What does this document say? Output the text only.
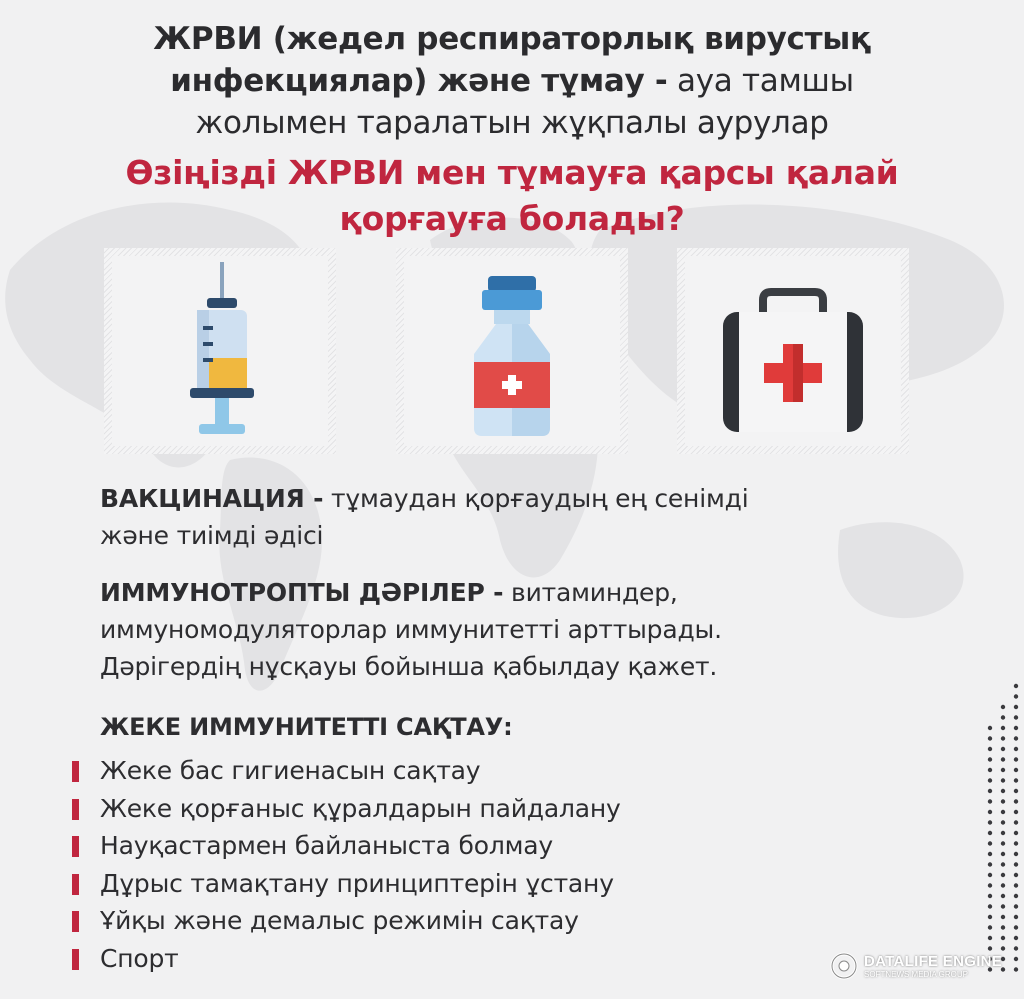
ЖРВИ (жедел респираторлық вирустық
инфекциялар) және тұмау - ауа тамшы
жолымен таралатын жұқпалы аурулар
Өзіңізді ЖРВИ мен тұмауға қарсы қалай
қорғауға болады?
ВАКЦИНАЦИЯ - тұмаудан қорғаудың ең сенімді
және тиімді әдісі
ИММУНОТРОПТЫ ДӘРІЛЕР - витаминдер,
иммуномодуляторлар иммунитетті арттырады.
Дәрігердің нұсқауы бойынша қабылдау қажет.
ЖЕКЕ ИММУНИТЕТТІ САҚТАУ:
Жеке бас гигиенасын сақтау
Жеке қорғаныс құралдарын пайдалану
Науқастармен байланыста болмау
Дұрыс тамақтану принциптерін ұстану
Ұйқы және демалыс режимін сақтау
Спорт	DATALIFE ENGINE
SOFTNEWS MEDIA GROUP
